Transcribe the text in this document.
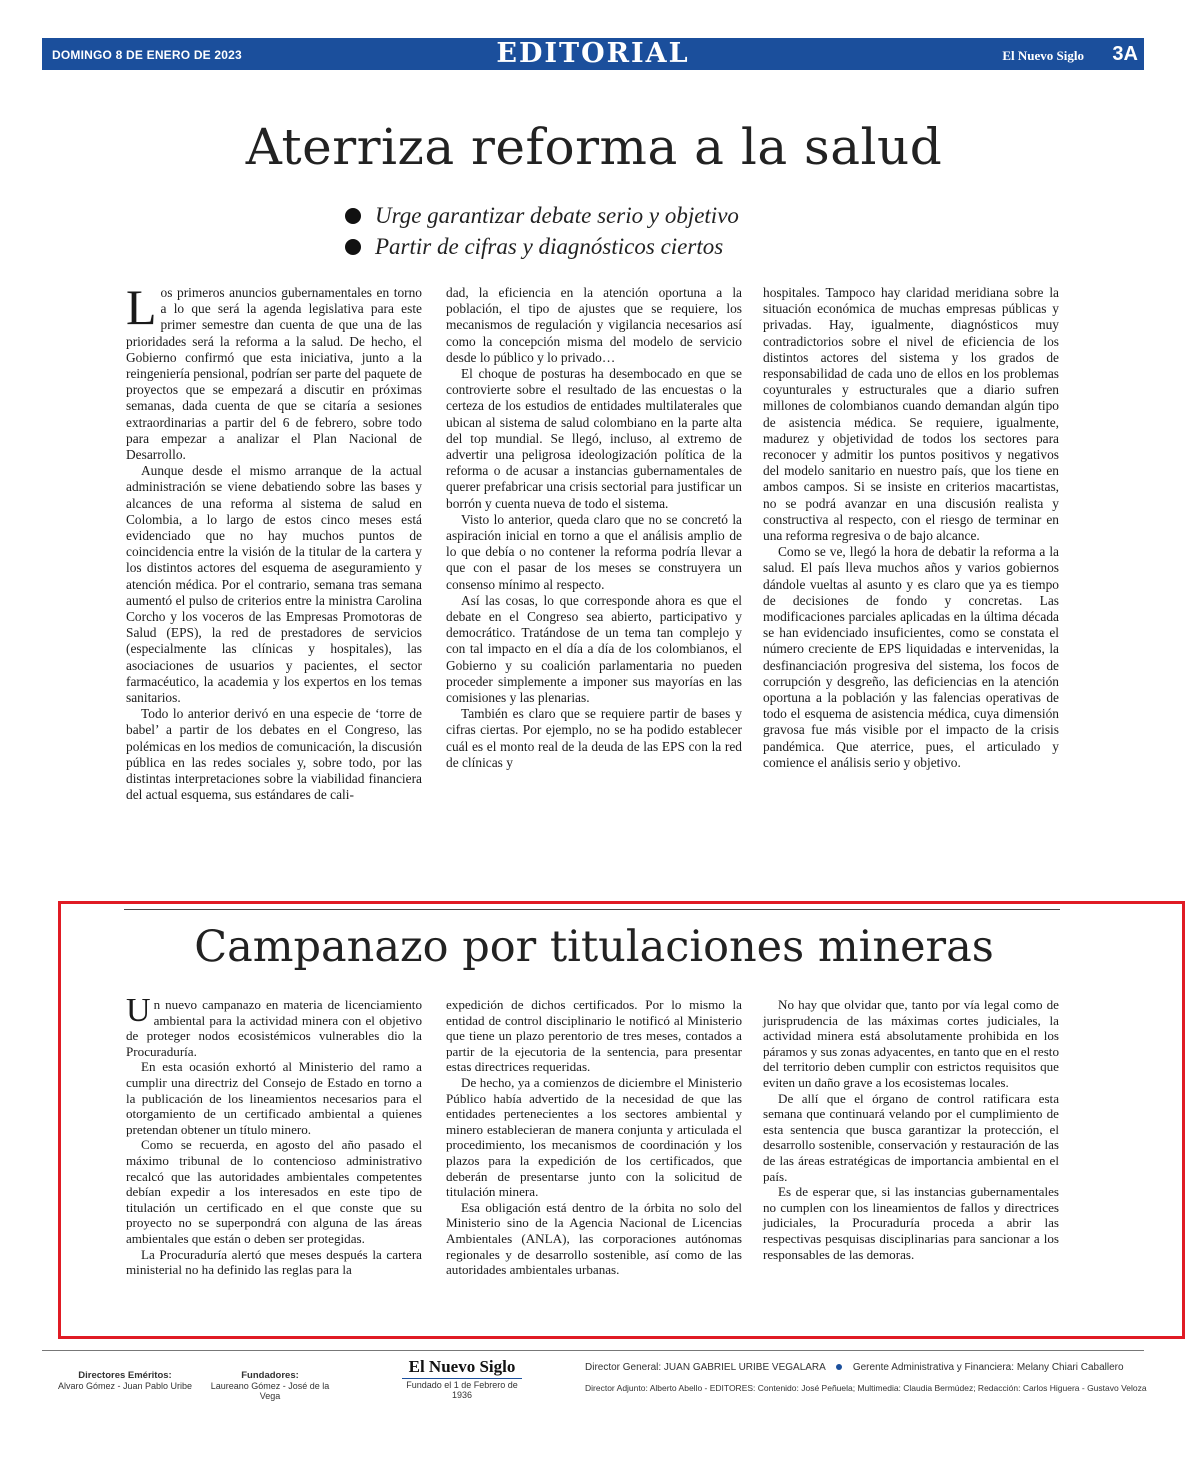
DOMINGO 8 DE ENERO DE 2023	EDITORIAL	El Nuevo Siglo 3A
Aterriza reforma a la salud
Urge garantizar debate serio y objetivo
Partir de cifras y diagnósticos ciertos

Los primeros anuncios gubernamentales en torno a lo que será la agenda legislativa para este primer semestre dan cuenta de que una de las prioridades será la reforma a la salud. De hecho, el Gobierno confirmó que esta iniciativa, junto a la reingeniería pensional, podrían ser parte del paquete de proyectos que se empezará a discutir en próximas semanas, dada cuenta de que se citaría a sesiones extraordinarias a partir del 6 de febrero, sobre todo para empezar a analizar el Plan Nacional de Desarrollo.

Aunque desde el mismo arranque de la actual administración se viene debatiendo sobre las bases y alcances de una reforma al sistema de salud en Colombia, a lo largo de estos cinco meses está evidenciado que no hay muchos puntos de coincidencia entre la visión de la titular de la cartera y los distintos actores del esquema de aseguramiento y atención médica. Por el contrario, semana tras semana aumentó el pulso de criterios entre la ministra Carolina Corcho y los voceros de las Empresas Promotoras de Salud (EPS), la red de prestadores de servicios (especialmente las clínicas y hospitales), las asociaciones de usuarios y pacientes, el sector farmacéutico, la academia y los expertos en los temas sanitarios.

Todo lo anterior derivó en una especie de ‘torre de babel’ a partir de los debates en el Congreso, las polémicas en los medios de comunicación, la discusión pública en las redes sociales y, sobre todo, por las distintas interpretaciones sobre la viabilidad financiera del actual esquema, sus estándares de cali-

dad, la eficiencia en la atención oportuna a la población, el tipo de ajustes que se requiere, los mecanismos de regulación y vigilancia necesarios así como la concepción misma del modelo de servicio desde lo público y lo privado…

El choque de posturas ha desembocado en que se controvierte sobre el resultado de las encuestas o la certeza de los estudios de entidades multilaterales que ubican al sistema de salud colombiano en la parte alta del top mundial. Se llegó, incluso, al extremo de advertir una peligrosa ideologización política de la reforma o de acusar a instancias gubernamentales de querer prefabricar una crisis sectorial para justificar un borrón y cuenta nueva de todo el sistema.

Visto lo anterior, queda claro que no se concretó la aspiración inicial en torno a que el análisis amplio de lo que debía o no contener la reforma podría llevar a que con el pasar de los meses se construyera un consenso mínimo al respecto.

Así las cosas, lo que corresponde ahora es que el debate en el Congreso sea abierto, participativo y democrático. Tratándose de un tema tan complejo y con tal impacto en el día a día de los colombianos, el Gobierno y su coalición parlamentaria no pueden proceder simplemente a imponer sus mayorías en las comisiones y las plenarias.

También es claro que se requiere partir de bases y cifras ciertas. Por ejemplo, no se ha podido establecer cuál es el monto real de la deuda de las EPS con la red de clínicas y

hospitales. Tampoco hay claridad meridiana sobre la situación económica de muchas empresas públicas y privadas. Hay, igualmente, diagnósticos muy contradictorios sobre el nivel de eficiencia de los distintos actores del sistema y los grados de responsabilidad de cada uno de ellos en los problemas coyunturales y estructurales que a diario sufren millones de colombianos cuando demandan algún tipo de asistencia médica. Se requiere, igualmente, madurez y objetividad de todos los sectores para reconocer y admitir los puntos positivos y negativos del modelo sanitario en nuestro país, que los tiene en ambos campos. Si se insiste en criterios macartistas, no se podrá avanzar en una discusión realista y constructiva al respecto, con el riesgo de terminar en una reforma regresiva o de bajo alcance.

Como se ve, llegó la hora de debatir la reforma a la salud. El país lleva muchos años y varios gobiernos dándole vueltas al asunto y es claro que ya es tiempo de decisiones de fondo y concretas. Las modificaciones parciales aplicadas en la última década se han evidenciado insuficientes, como se constata el número creciente de EPS liquidadas e intervenidas, la desfinanciación progresiva del sistema, los focos de corrupción y desgreño, las deficiencias en la atención oportuna a la población y las falencias operativas de todo el esquema de asistencia médica, cuya dimensión gravosa fue más visible por el impacto de la crisis pandémica. Que aterrice, pues, el articulado y comience el análisis serio y objetivo.

Campanazo por titulaciones mineras

Un nuevo campanazo en materia de licenciamiento ambiental para la actividad minera con el objetivo de proteger nodos ecosistémicos vulnerables dio la Procuraduría.

En esta ocasión exhortó al Ministerio del ramo a cumplir una directriz del Consejo de Estado en torno a la publicación de los lineamientos necesarios para el otorgamiento de un certificado ambiental a quienes pretendan obtener un título minero.

Como se recuerda, en agosto del año pasado el máximo tribunal de lo contencioso administrativo recalcó que las autoridades ambientales competentes debían expedir a los interesados en este tipo de titulación un certificado en el que conste que su proyecto no se superpondrá con alguna de las áreas ambientales que están o deben ser protegidas.

La Procuraduría alertó que meses después la cartera ministerial no ha definido las reglas para la

expedición de dichos certificados. Por lo mismo la entidad de control disciplinario le notificó al Ministerio que tiene un plazo perentorio de tres meses, contados a partir de la ejecutoria de la sentencia, para presentar estas directrices requeridas.

De hecho, ya a comienzos de diciembre el Ministerio Público había advertido de la necesidad de que las entidades pertenecientes a los sectores ambiental y minero establecieran de manera conjunta y articulada el procedimiento, los mecanismos de coordinación y los plazos para la expedición de los certificados, que deberán de presentarse junto con la solicitud de titulación minera.

Esa obligación está dentro de la órbita no solo del Ministerio sino de la Agencia Nacional de Licencias Ambientales (ANLA), las corporaciones autónomas regionales y de desarrollo sostenible, así como de las autoridades ambientales urbanas.

No hay que olvidar que, tanto por vía legal como de jurisprudencia de las máximas cortes judiciales, la actividad minera está absolutamente prohibida en los páramos y sus zonas adyacentes, en tanto que en el resto del territorio deben cumplir con estrictos requisitos que eviten un daño grave a los ecosistemas locales.

De allí que el órgano de control ratificara esta semana que continuará velando por el cumplimiento de esta sentencia que busca garantizar la protección, el desarrollo sostenible, conservación y restauración de las de las áreas estratégicas de importancia ambiental en el país.

Es de esperar que, si las instancias gubernamentales no cumplen con los lineamientos de fallos y directrices judiciales, la Procuraduría proceda a abrir las respectivas pesquisas disciplinarias para sancionar a los responsables de las demoras.

Directores Eméritos:
Alvaro Gómez - Juan Pablo Uribe
Fundadores:
Laureano Gómez - José de la Vega
El Nuevo Siglo
Fundado el 1 de Febrero de 1936
Director General: JUAN GABRIEL URIBE VEGALARA	Gerente Administrativa y Financiera: Melany Chiari Caballero
Director Adjunto: Alberto Abello - EDITORES: Contenido: José Peñuela; Multimedia: Claudia Bermúdez; Redacción: Carlos Higuera - Gustavo Veloza
